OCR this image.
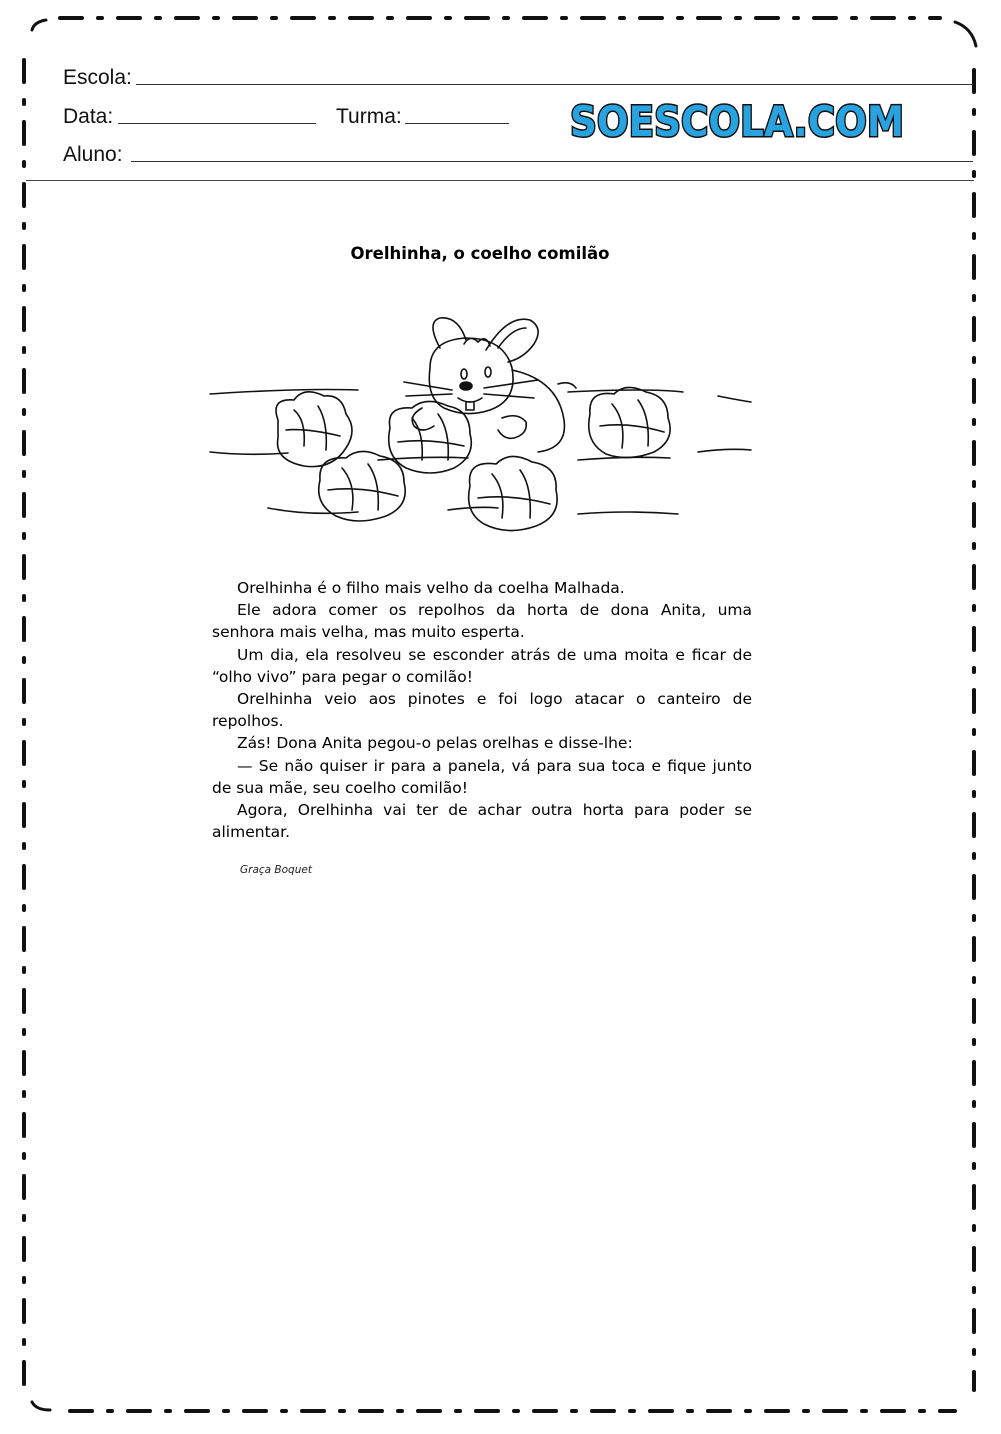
Escola:
Data:	Turma:
Aluno:
SOESCOLA.COM
Orelhinha, o coelho comilão

Orelhinha é o filho mais velho da coelha Malhada.

Ele adora comer os repolhos da horta de dona Anita, uma senhora mais velha, mas muito esperta.

Um dia, ela resolveu se esconder atrás de uma moita e ficar de “olho vivo” para pegar o comilão!

Orelhinha veio aos pinotes e foi logo atacar o canteiro de repolhos.

Zás! Dona Anita pegou-o pelas orelhas e disse-lhe:

— Se não quiser ir para a panela, vá para sua toca e fique junto de sua mãe, seu coelho comilão!

Agora, Orelhinha vai ter de achar outra horta para poder se alimentar.

Graça Boquet
